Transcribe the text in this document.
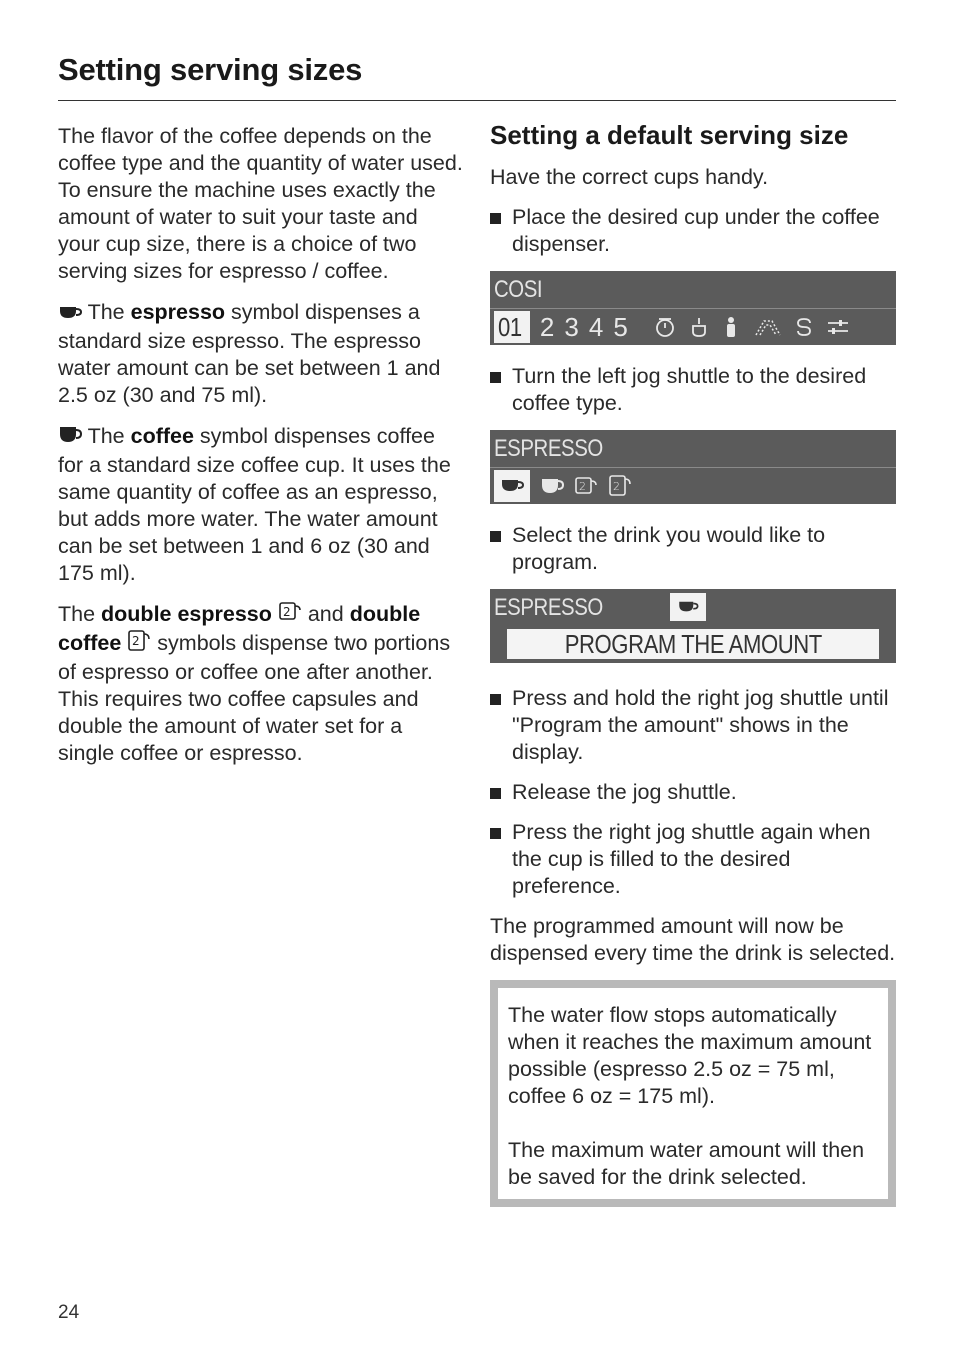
Setting serving sizes

The flavor of the coffee depends on the coffee type and the quantity of water used. To ensure the machine uses exactly the amount of water to suit your taste and your cup size, there is a choice of two serving sizes for espresso / coffee.

The espresso symbol dispenses a standard size espresso. The espresso water amount can be set between 1 and 2.5 oz (30 and 75 ml).

The coffee symbol dispenses coffee for a standard size coffee cup. It uses the same quantity of coffee as an espresso, but adds more water. The water amount can be set between 1 and 6 oz (30 and 175 ml).

The double espresso 2 and double coffee 2 symbols dispense two portions of espresso or coffee one after another. This requires two coffee capsules and double the amount of water set for a single coffee or espresso.

Setting a default serving size
Have the correct cups handy.
Place the desired cup under the coffee dispenser.
COSI
01 2 3 4 5
Turn the left jog shuttle to the desired coffee type.
ESPRESSO
2 2
Select the drink you would like to program.
ESPRESSO
PROGRAM THE AMOUNT
Press and hold the right jog shuttle until "Program the amount" shows in the display.
Release the jog shuttle.
Press the right jog shuttle again when the cup is filled to the desired preference.
The programmed amount will now be dispensed every time the drink is selected.

The water flow stops automatically when it reaches the maximum amount possible (espresso 2.5 oz = 75 ml, coffee 6 oz = 175 ml).

The maximum water amount will then be saved for the drink selected.

24
